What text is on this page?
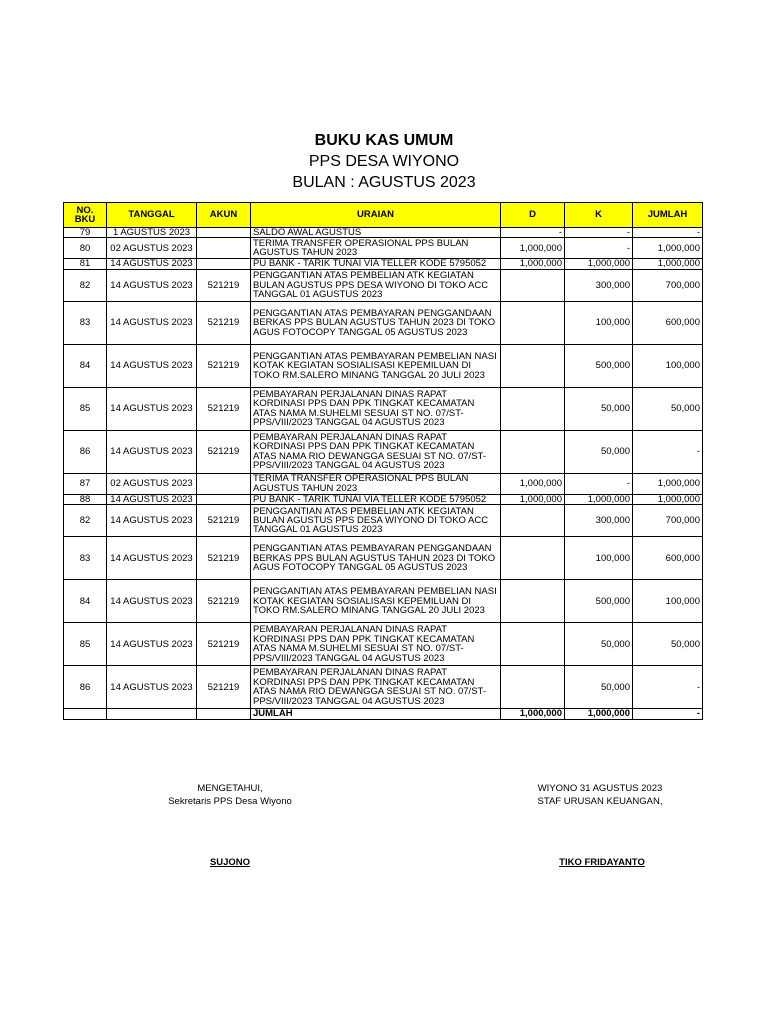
BUKU KAS UMUM
PPS DESA WIYONO
BULAN : AGUSTUS 2023
NO. BKU	TANGGAL	AKUN	URAIAN	D	K	JUMLAH
79	1 AGUSTUS 2023		SALDO AWAL AGUSTUS	-	-	-
80	02 AGUSTUS 2023		TERIMA TRANSFER OPERASIONAL PPS BULAN AGUSTUS TAHUN 2023	1,000,000	-	1,000,000
81	14 AGUSTUS 2023		PU BANK - TARIK TUNAI VIA TELLER KODE 5795052	1,000,000	1,000,000	1,000,000
82	14 AGUSTUS 2023	521219	PENGGANTIAN ATAS PEMBELIAN ATK KEGIATAN BULAN AGUSTUS PPS DESA WIYONO DI TOKO ACC TANGGAL 01 AGUSTUS 2023		300,000	700,000
83	14 AGUSTUS 2023	521219	PENGGANTIAN ATAS PEMBAYARAN PENGGANDAAN BERKAS PPS BULAN AGUSTUS TAHUN 2023 DI TOKO AGUS FOTOCOPY TANGGAL 05 AGUSTUS 2023		100,000	600,000
84	14 AGUSTUS 2023	521219	PENGGANTIAN ATAS PEMBAYARAN PEMBELIAN NASI KOTAK KEGIATAN SOSIALISASI KEPEMILUAN DI TOKO RM.SALERO MINANG TANGGAL 20 JULI 2023		500,000	100,000
85	14 AGUSTUS 2023	521219	PEMBAYARAN PERJALANAN DINAS RAPAT KORDINASI PPS DAN PPK TINGKAT KECAMATAN ATAS NAMA M.SUHELMI SESUAI ST NO. 07/ST- PPS/VIII/2023 TANGGAL 04 AGUSTUS 2023		50,000	50,000
86	14 AGUSTUS 2023	521219	PEMBAYARAN PERJALANAN DINAS RAPAT KORDINASI PPS DAN PPK TINGKAT KECAMATAN ATAS NAMA RIO DEWANGGA SESUAI ST NO. 07/ST- PPS/VIII/2023 TANGGAL 04 AGUSTUS 2023		50,000	-
87	02 AGUSTUS 2023		TERIMA TRANSFER OPERASIONAL PPS BULAN AGUSTUS TAHUN 2023	1,000,000	-	1,000,000
88	14 AGUSTUS 2023		PU BANK - TARIK TUNAI VIA TELLER KODE 5795052	1,000,000	1,000,000	1,000,000
82	14 AGUSTUS 2023	521219	PENGGANTIAN ATAS PEMBELIAN ATK KEGIATAN BULAN AGUSTUS PPS DESA WIYONO DI TOKO ACC TANGGAL 01 AGUSTUS 2023		300,000	700,000
83	14 AGUSTUS 2023	521219	PENGGANTIAN ATAS PEMBAYARAN PENGGANDAAN BERKAS PPS BULAN AGUSTUS TAHUN 2023 DI TOKO AGUS FOTOCOPY TANGGAL 05 AGUSTUS 2023		100,000	600,000
84	14 AGUSTUS 2023	521219	PENGGANTIAN ATAS PEMBAYARAN PEMBELIAN NASI KOTAK KEGIATAN SOSIALISASI KEPEMILUAN DI TOKO RM.SALERO MINANG TANGGAL 20 JULI 2023		500,000	100,000
85	14 AGUSTUS 2023	521219	PEMBAYARAN PERJALANAN DINAS RAPAT KORDINASI PPS DAN PPK TINGKAT KECAMATAN ATAS NAMA M.SUHELMI SESUAI ST NO. 07/ST- PPS/VIII/2023 TANGGAL 04 AGUSTUS 2023		50,000	50,000
86	14 AGUSTUS 2023	521219	PEMBAYARAN PERJALANAN DINAS RAPAT KORDINASI PPS DAN PPK TINGKAT KECAMATAN ATAS NAMA RIO DEWANGGA SESUAI ST NO. 07/ST- PPS/VIII/2023 TANGGAL 04 AGUSTUS 2023		50,000	-
			JUMLAH	1,000,000	1,000,000	-
MENGETAHUI,
Sekretaris PPS Desa Wiyono
WIYONO 31 AGUSTUS 2023
STAF URUSAN KEUANGAN,
SUJONO	TIKO FRIDAYANTO
